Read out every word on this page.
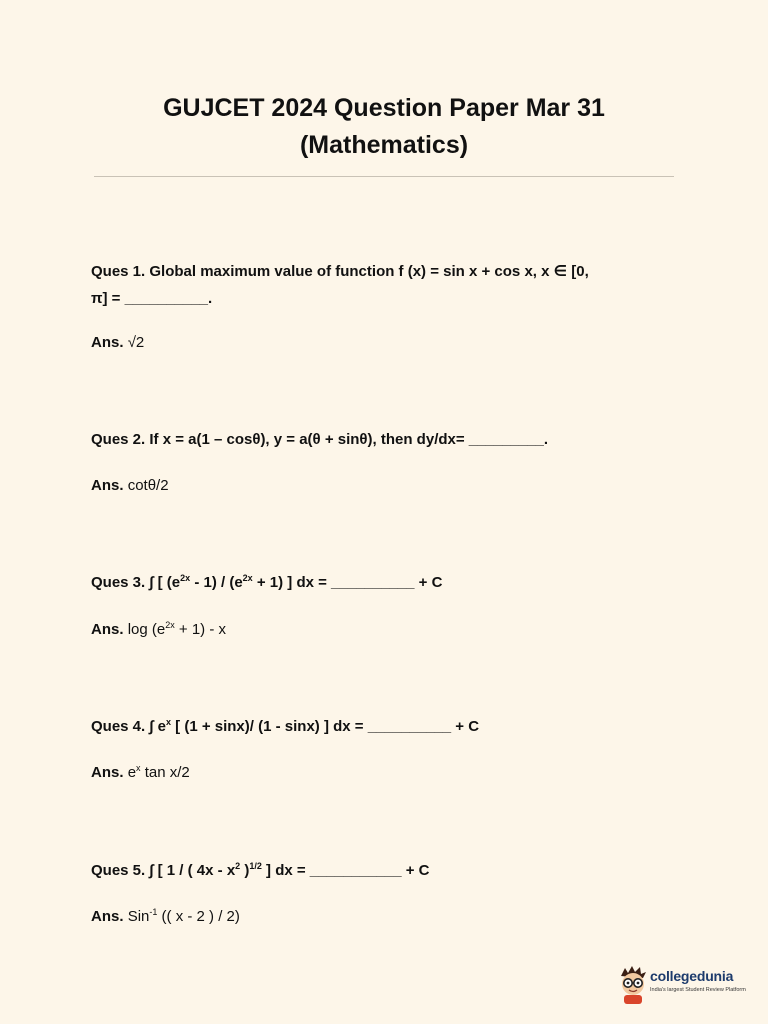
GUJCET 2024 Question Paper Mar 31
(Mathematics)
Ques 1. Global maximum value of function f (x) = sin x + cos x, x ∈ [0,
π] = __________.
Ans. √2
Ques 2. If x = a(1 – cosθ), y = a(θ + sinθ), then dy/dx= _________.
Ans. cotθ/2
Ques 3. ∫ [ $(e^{2x} - 1) / (e^{2x} + 1)$ ] dx = __________ + C
Ans. $\log (e^{2x} + 1) - x$
Ques 4. ∫ $e^x$ [ (1 + sinx)/ (1 - sinx) ] dx = __________ + C
Ans. $e^x$ tan x/2
Ques 5. ∫ [ 1 / ( $4x - x^2$ )$^{1/2}$ ] dx = ___________ + C
Ans. Sin$^{-1}$ (( x - 2 ) / 2)
collegedunia
India's largest Student Review Platform
